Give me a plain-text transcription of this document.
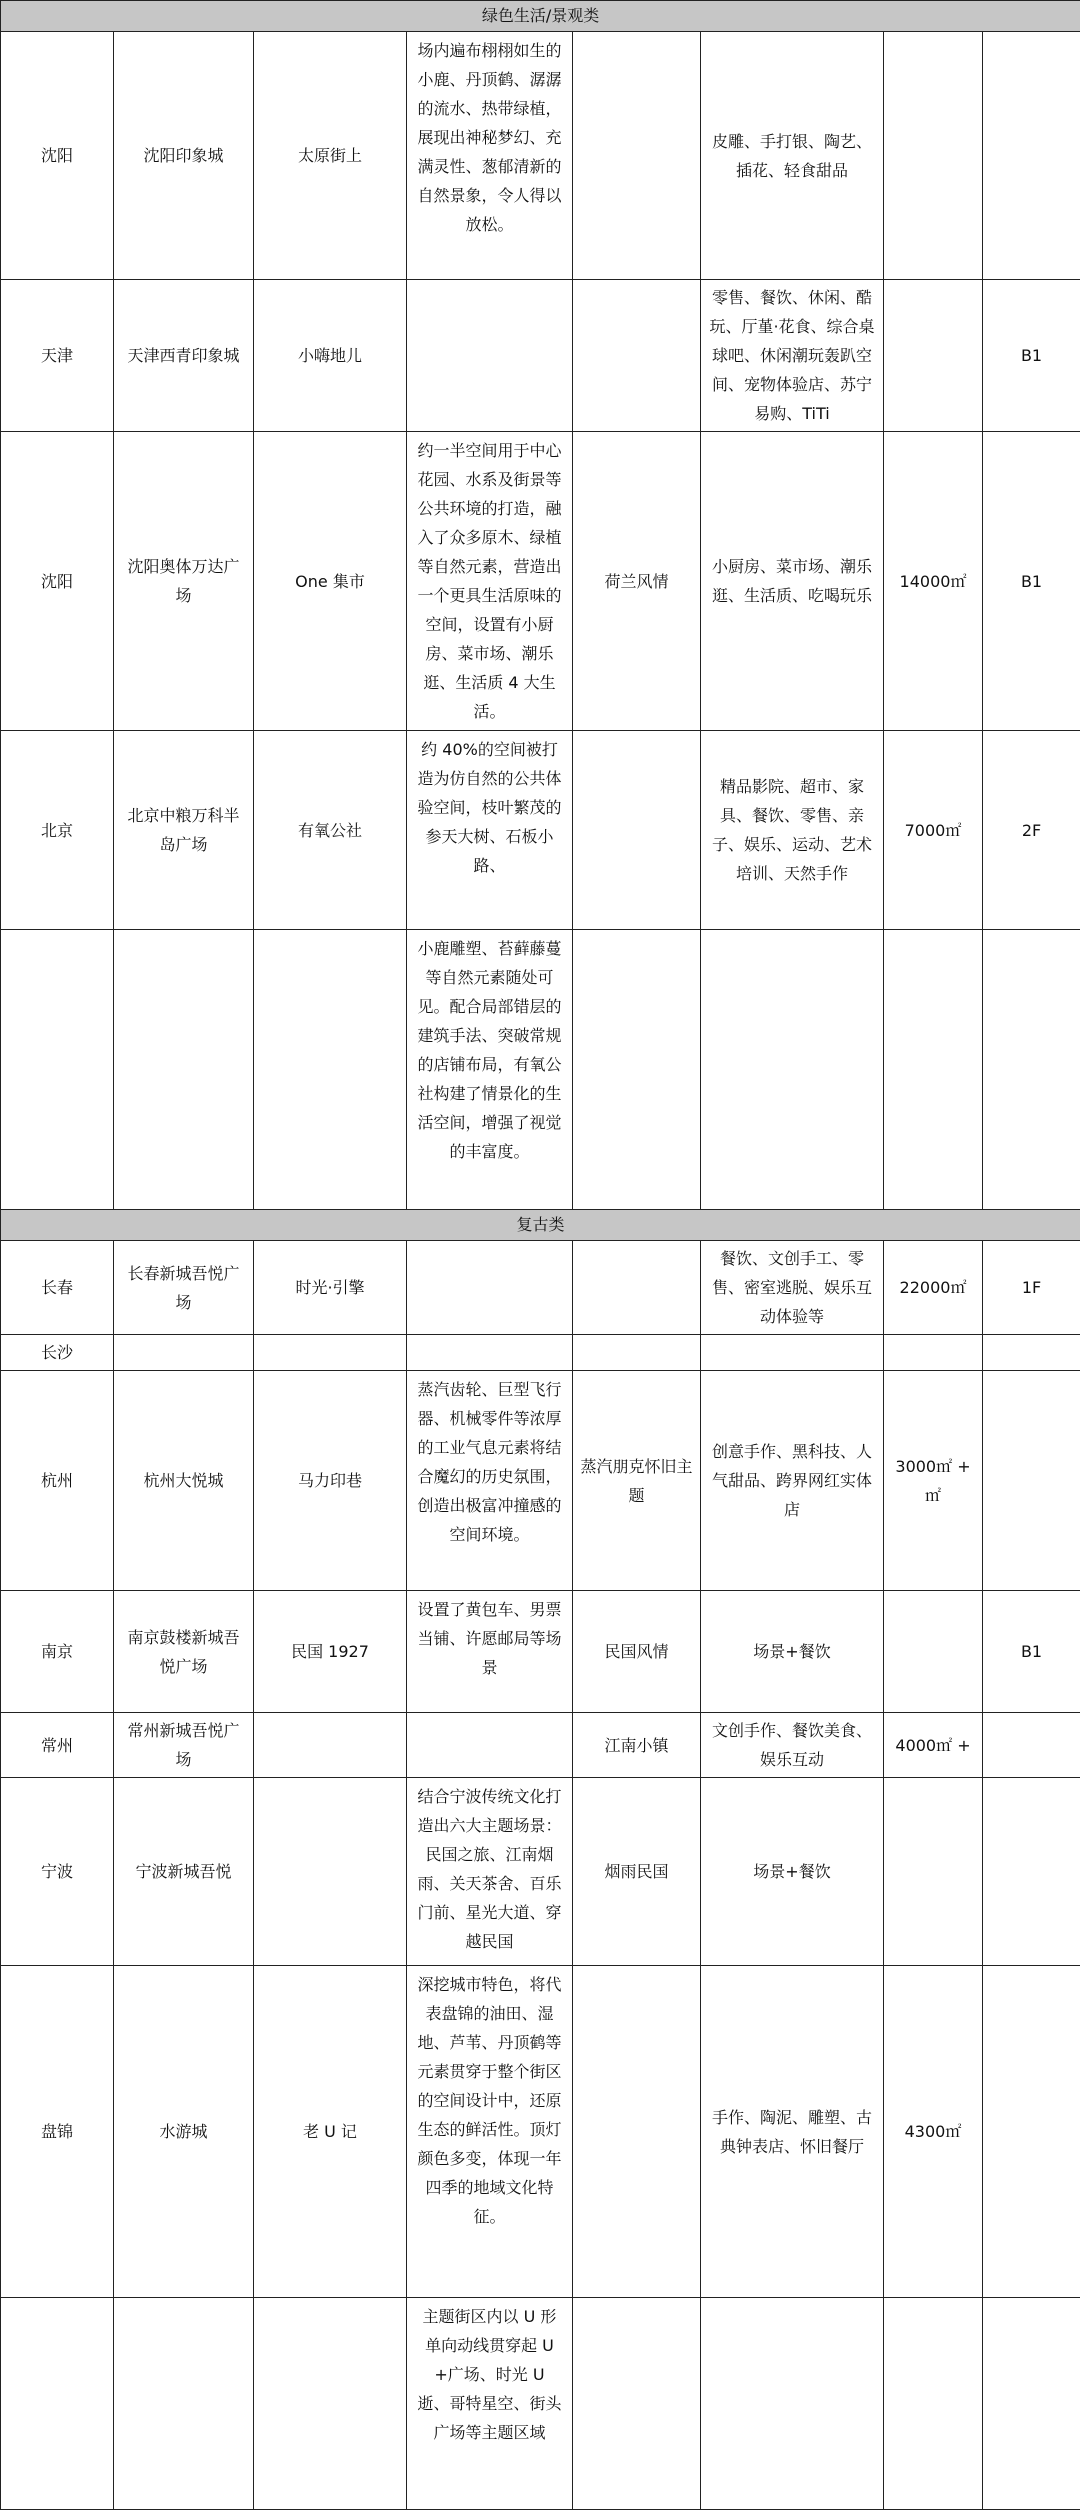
绿色生活/景观类							
沈阳	沈阳印象城	太原街上	场内遍布栩栩如生的小鹿、丹顶鹤、潺潺的流水、热带绿植，展现出神秘梦幻、充满灵性、葱郁清新的自然景象，令人得以放松。		皮雕、手打银、陶艺、插花、轻食甜品		
天津	天津西青印象城	小嗨地儿			零售、餐饮、休闲、酷玩、厅堇·花食、综合桌球吧、休闲潮玩轰趴空间、宠物体验店、苏宁易购、TiTi		B1
沈阳	沈阳奥体万达广场	One 集市	约一半空间用于中心花园、水系及街景等公共环境的打造，融入了众多原木、绿植等自然元素，营造出一个更具生活原味的空间，设置有小厨房、菜市场、潮乐逛、生活质 4 大生活。	荷兰风情	小厨房、菜市场、潮乐逛、生活质、吃喝玩乐	14000㎡	B1
北京	北京中粮万科半岛广场	有氧公社	约 40%的空间被打造为仿自然的公共体验空间，枝叶繁茂的参天大树、石板小路、		精品影院、超市、家具、餐饮、零售、亲子、娱乐、运动、艺术培训、天然手作	7000㎡	2F
			小鹿雕塑、苔藓藤蔓等自然元素随处可见。配合局部错层的建筑手法、突破常规的店铺布局，有氧公社构建了情景化的生活空间，增强了视觉的丰富度。				
复古类							
长春	长春新城吾悦广场	时光·引擎			餐饮、文创手工、零售、密室逃脱、娱乐互动体验等	22000㎡	1F
长沙							
杭州	杭州大悦城	马力印巷	蒸汽齿轮、巨型飞行器、机械零件等浓厚的工业气息元素将结合魔幻的历史氛围，创造出极富冲撞感的空间环境。	蒸汽朋克怀旧主题	创意手作、黑科技、人气甜品、跨界网红实体店	3000㎡ + ㎡	
南京	南京鼓楼新城吾悦广场	民国 1927	设置了黄包车、男票当铺、许愿邮局等场景	民国风情	场景+餐饮		B1
常州	常州新城吾悦广场			江南小镇	文创手作、餐饮美食、娱乐互动	4000㎡ +	
宁波	宁波新城吾悦		结合宁波传统文化打造出六大主题场景：民国之旅、江南烟雨、关天茶舍、百乐门前、星光大道、穿越民国	烟雨民国	场景+餐饮		
盘锦	水游城	老 U 记	深挖城市特色，将代表盘锦的油田、湿地、芦苇、丹顶鹤等元素贯穿于整个街区的空间设计中，还原生态的鲜活性。顶灯颜色多变，体现一年四季的地域文化特征。		手作、陶泥、雕塑、古典钟表店、怀旧餐厅	4300㎡	
			主题街区内以 U 形单向动线贯穿起 U+广场、时光 U 逝、哥特星空、街头广场等主题区域				
